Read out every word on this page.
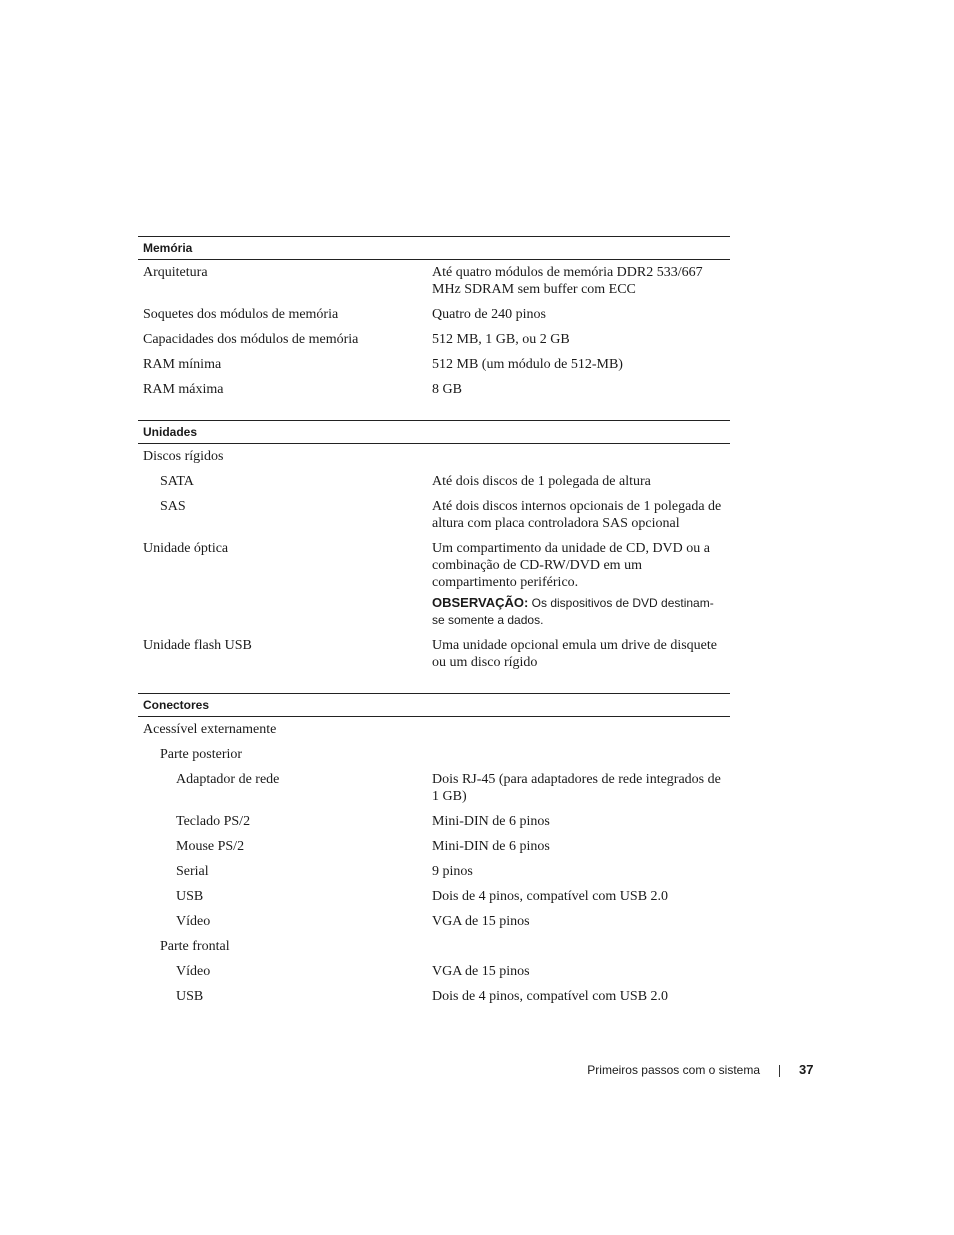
Memória
Arquitetura	Até quatro módulos de memória DDR2 533/667 MHz SDRAM sem buffer com ECC
Soquetes dos módulos de memória	Quatro de 240 pinos
Capacidades dos módulos de memória	512 MB, 1 GB, ou 2 GB
RAM mínima	512 MB (um módulo de 512-MB)
RAM máxima	8 GB
Unidades
Discos rígidos
SATA	Até dois discos de 1 polegada de altura
SAS	Até dois discos internos opcionais de 1 polegada de altura com placa controladora SAS opcional
Unidade óptica	Um compartimento da unidade de CD, DVD ou a combinação de CD-RW/DVD em um compartimento periférico.
OBSERVAÇÃO: Os dispositivos de DVD destinam-se somente a dados.
Unidade flash USB	Uma unidade opcional emula um drive de disquete ou um disco rígido
Conectores
Acessível externamente
Parte posterior
Adaptador de rede	Dois RJ-45 (para adaptadores de rede integrados de 1 GB)
Teclado PS/2	Mini-DIN de 6 pinos
Mouse PS/2	Mini-DIN de 6 pinos
Serial	9 pinos
USB	Dois de 4 pinos, compatível com USB 2.0
Vídeo	VGA de 15 pinos
Parte frontal
Vídeo	VGA de 15 pinos
USB	Dois de 4 pinos, compatível com USB 2.0
Primeiros passos com o sistema	37
